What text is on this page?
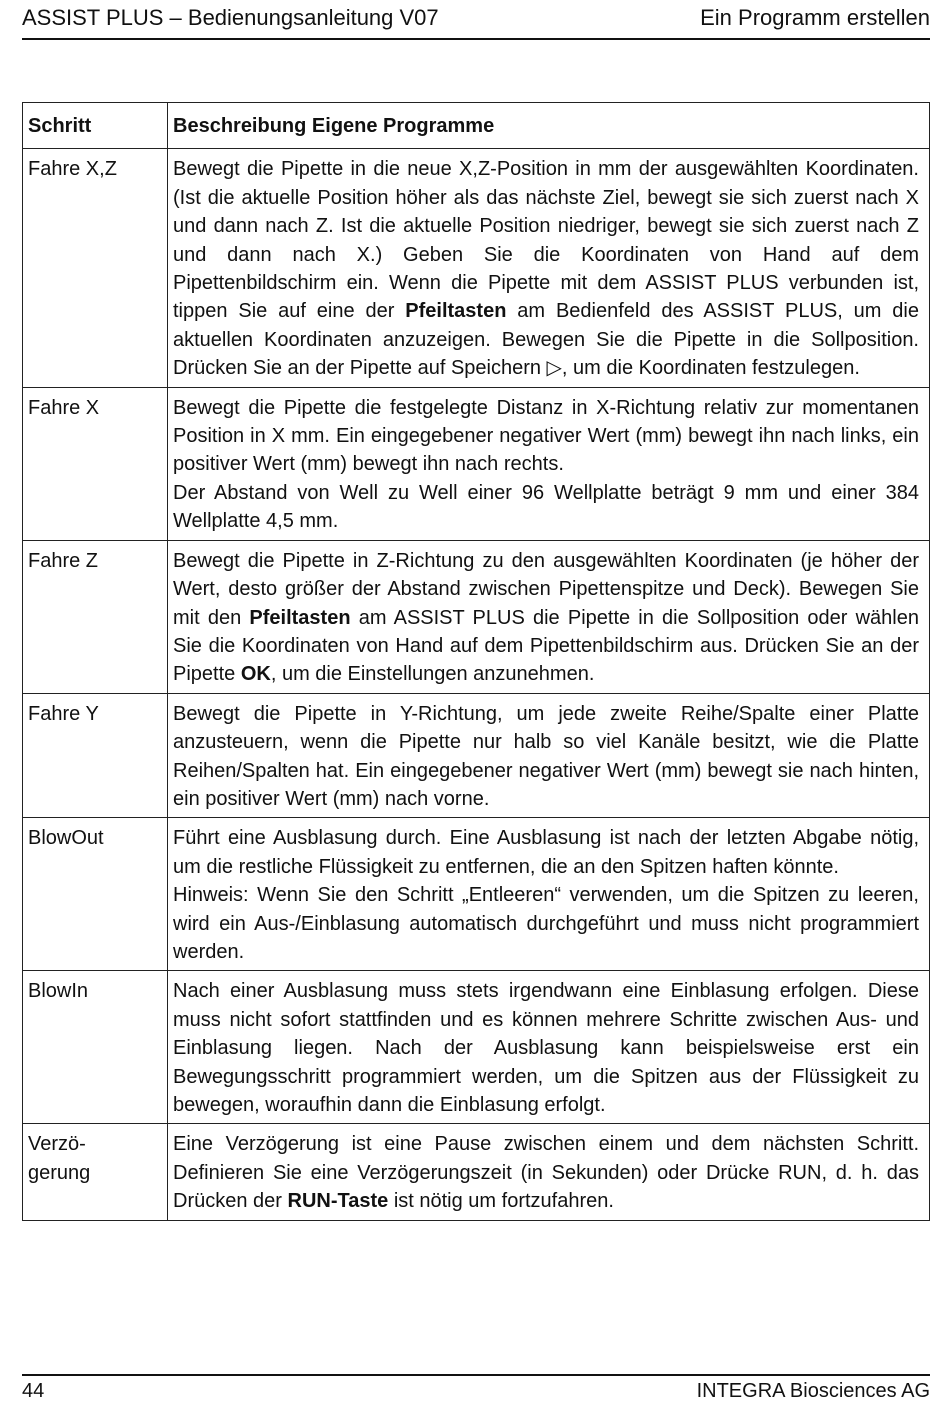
ASSIST PLUS – Bedienungsanleitung V07	Ein Programm erstellen
Schritt	Beschreibung Eigene Programme
Fahre X,Z	Bewegt die Pipette in die neue X,Z-Position in mm der ausgewählten Koordinaten. (Ist die aktuelle Position höher als das nächste Ziel, bewegt sie sich zuerst nach X und dann nach Z. Ist die aktuelle Position niedriger, bewegt sie sich zuerst nach Z und dann nach X.) Geben Sie die Koordinaten von Hand auf dem Pipettenbildschirm ein. Wenn die Pipette mit dem ASSIST PLUS verbunden ist, tippen Sie auf eine der Pfeiltasten am Bedienfeld des ASSIST PLUS, um die aktuellen Koordinaten anzuzeigen. Bewegen Sie die Pipette in die Sollposition. Drücken Sie an der Pipette auf Speichern ▷, um die Koordinaten festzulegen.

Fahre X	Bewegt die Pipette die festgelegte Distanz in X-Richtung relativ zur momentanen Position in X mm. Ein eingegebener negativer Wert (mm) bewegt ihn nach links, ein positiver Wert (mm) bewegt ihn nach rechts.

Der Abstand von Well zu Well einer 96 Wellplatte beträgt 9 mm und einer 384 Wellplatte 4,5 mm.

Fahre Z	Bewegt die Pipette in Z-Richtung zu den ausgewählten Koordinaten (je höher der Wert, desto größer der Abstand zwischen Pipettenspitze und Deck). Bewegen Sie mit den Pfeiltasten am ASSIST PLUS die Pipette in die Sollposition oder wählen Sie die Koordinaten von Hand auf dem Pipettenbildschirm aus. Drücken Sie an der Pipette OK, um die Einstellungen anzunehmen.

Fahre Y	Bewegt die Pipette in Y-Richtung, um jede zweite Reihe/Spalte einer Platte anzusteuern, wenn die Pipette nur halb so viel Kanäle besitzt, wie die Platte Reihen/Spalten hat. Ein eingegebener negativer Wert (mm) bewegt sie nach hinten, ein positiver Wert (mm) nach vorne.

BlowOut	Führt eine Ausblasung durch. Eine Ausblasung ist nach der letzten Abgabe nötig, um die restliche Flüssigkeit zu entfernen, die an den Spitzen haften könnte.

Hinweis: Wenn Sie den Schritt „Entleeren“ verwenden, um die Spitzen zu leeren, wird ein Aus-/Einblasung automatisch durchgeführt und muss nicht programmiert werden.

BlowIn	Nach einer Ausblasung muss stets irgendwann eine Einblasung erfolgen. Diese muss nicht sofort stattfinden und es können mehrere Schritte zwischen Aus- und Einblasung liegen. Nach der Ausblasung kann beispielsweise erst ein Bewegungsschritt programmiert werden, um die Spitzen aus der Flüssigkeit zu bewegen, woraufhin dann die Einblasung erfolgt.

Verzö-
gerung	Eine Verzögerung ist eine Pause zwischen einem und dem nächsten Schritt. Definieren Sie eine Verzögerungszeit (in Sekunden) oder Drücke RUN, d. h. das Drücken der RUN-Taste ist nötig um fortzufahren.

44	INTEGRA Biosciences AG
